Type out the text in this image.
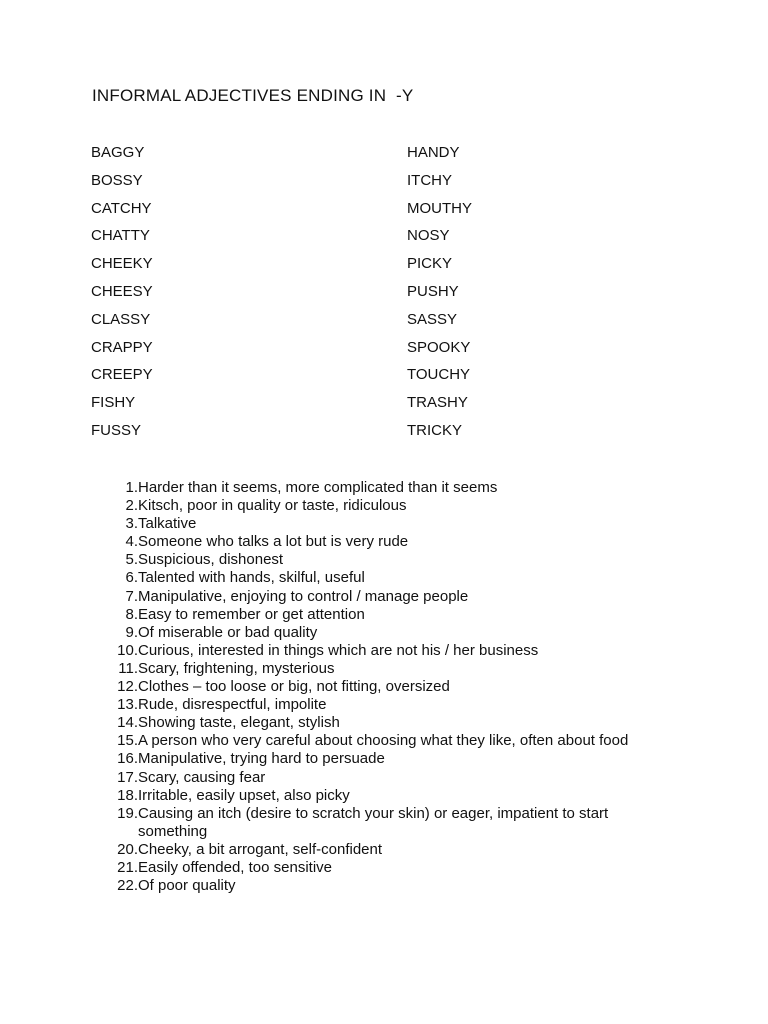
INFORMAL ADJECTIVES ENDING IN  -Y
BAGGY
BOSSY
CATCHY
CHATTY
CHEEKY
CHEESY
CLASSY
CRAPPY
CREEPY
FISHY
FUSSY
HANDY
ITCHY
MOUTHY
NOSY
PICKY
PUSHY
SASSY
SPOOKY
TOUCHY
TRASHY
TRICKY
1. Harder than it seems, more complicated than it seems
2. Kitsch, poor in quality or taste, ridiculous
3. Talkative
4. Someone who talks a lot but is very rude
5. Suspicious, dishonest
6. Talented with hands, skilful, useful
7. Manipulative, enjoying to control / manage people
8. Easy to remember or get attention
9. Of miserable or bad quality
10. Curious, interested in things which are not his / her business
11. Scary, frightening, mysterious
12. Clothes – too loose or big, not fitting, oversized
13. Rude, disrespectful, impolite
14. Showing taste, elegant, stylish
15. A person who very careful about choosing what they like, often about food
16. Manipulative, trying hard to persuade
17. Scary, causing fear
18. Irritable, easily upset, also picky
19. Causing an itch (desire to scratch your skin) or eager, impatient to start something
20. Cheeky, a bit arrogant, self-confident
21. Easily offended, too sensitive
22. Of poor quality
